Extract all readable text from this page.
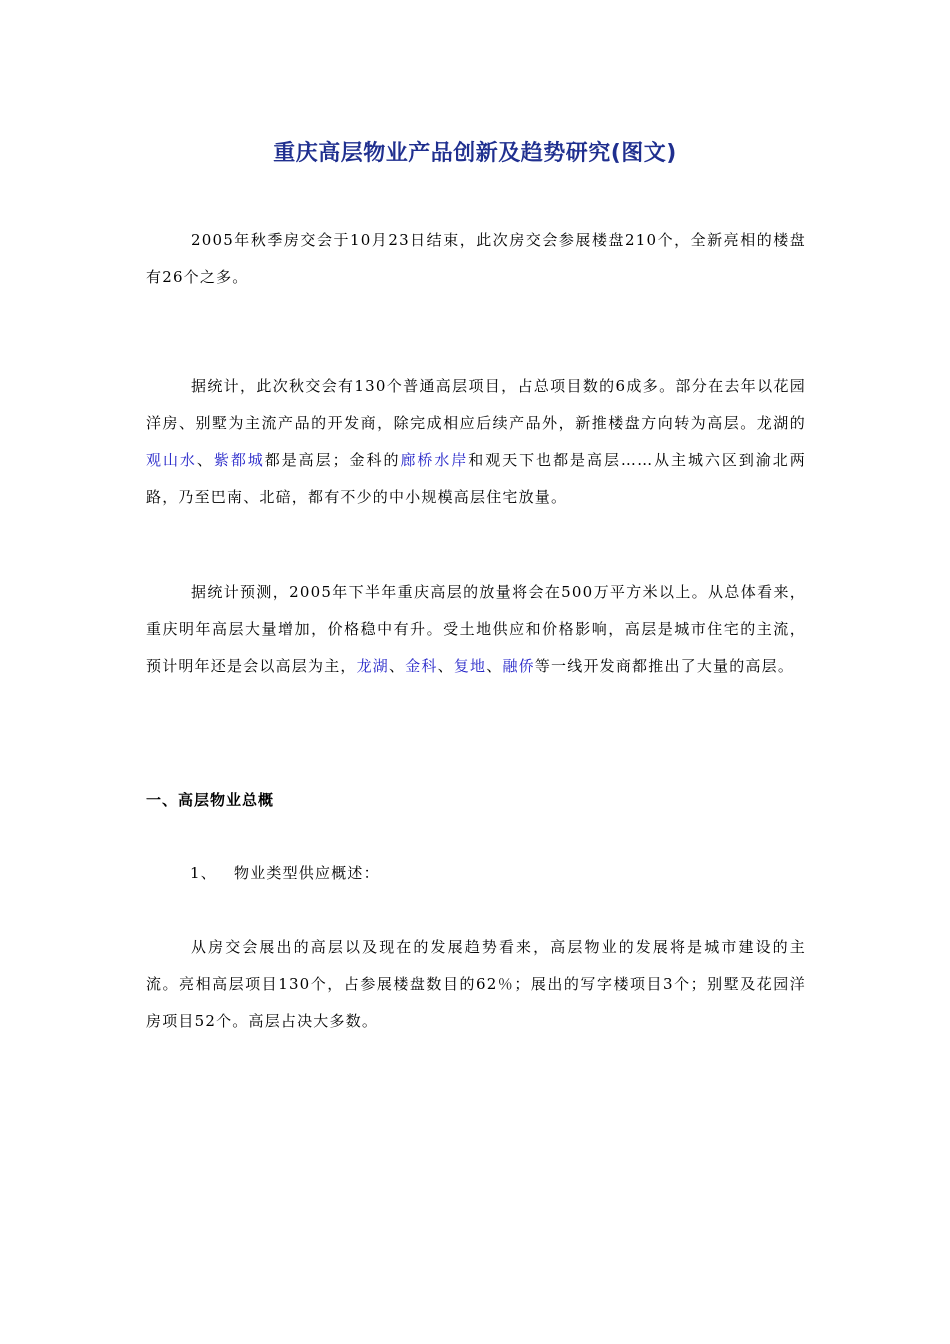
重庆高层物业产品创新及趋势研究(图文)

2005年秋季房交会于10月23日结束，此次房交会参展楼盘210个，全新亮相的楼盘有26个之多。

据统计，此次秋交会有130个普通高层项目，占总项目数的6成多。部分在去年以花园洋房、别墅为主流产品的开发商，除完成相应后续产品外，新推楼盘方向转为高层。龙湖的观山水、紫都城都是高层；金科的廊桥水岸和观天下也都是高层……从主城六区到渝北两路，乃至巴南、北碚，都有不少的中小规模高层住宅放量。

据统计预测，2005年下半年重庆高层的放量将会在500万平方米以上。从总体看来，重庆明年高层大量增加，价格稳中有升。受土地供应和价格影响，高层是城市住宅的主流，预计明年还是会以高层为主，龙湖、金科、复地、融侨等一线开发商都推出了大量的高层。

一、高层物业总概
1、 物业类型供应概述：

从房交会展出的高层以及现在的发展趋势看来，高层物业的发展将是城市建设的主流。亮相高层项目130个，占参展楼盘数目的62％；展出的写字楼项目3个；别墅及花园洋房项目52个。高层占决大多数。
